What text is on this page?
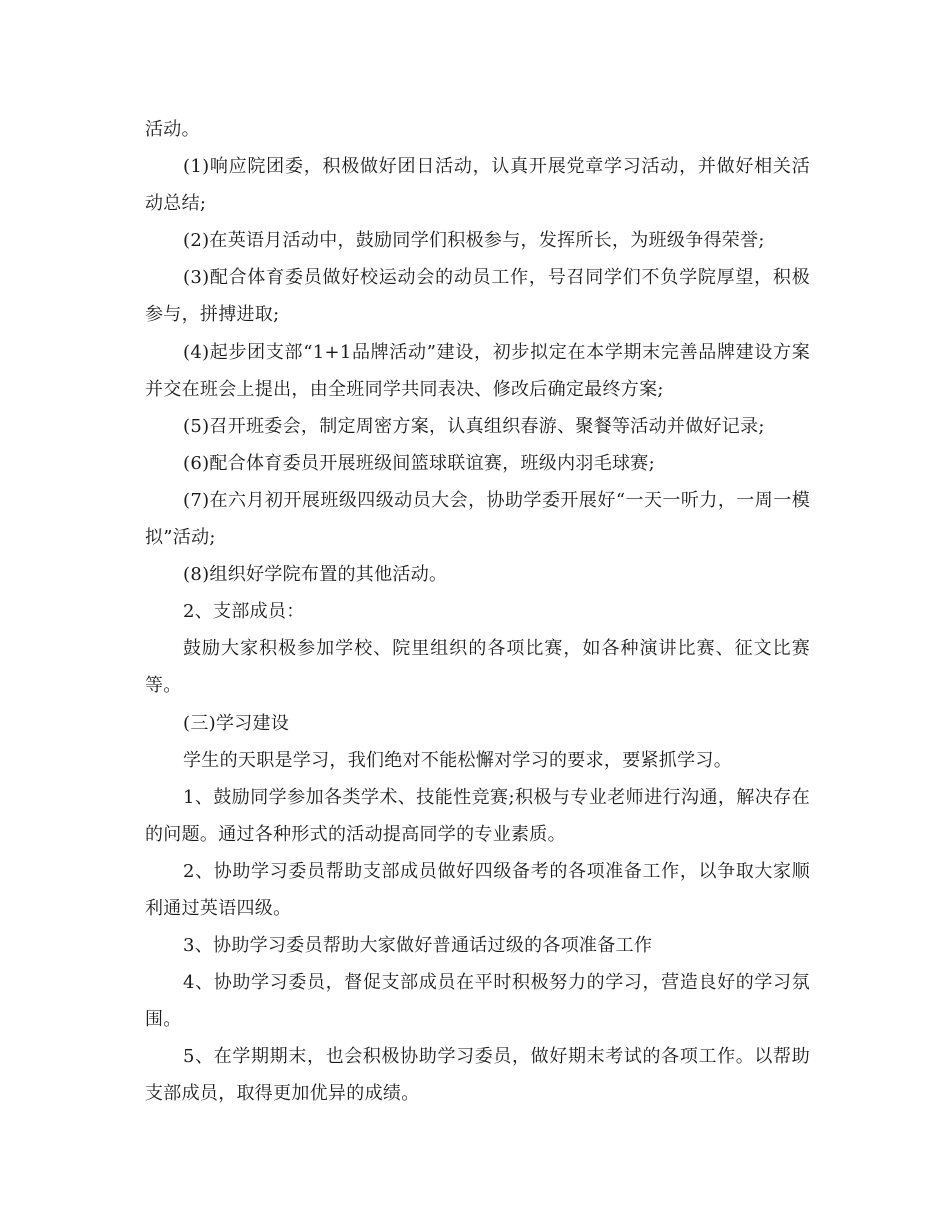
活动。

(1)响应院团委，积极做好团日活动，认真开展党章学习活动，并做好相关活动总结;

(2)在英语月活动中，鼓励同学们积极参与，发挥所长，为班级争得荣誉;

(3)配合体育委员做好校运动会的动员工作，号召同学们不负学院厚望，积极参与，拼搏进取;

(4)起步团支部“1+1品牌活动”建设，初步拟定在本学期末完善品牌建设方案并交在班会上提出，由全班同学共同表决、修改后确定最终方案;

(5)召开班委会，制定周密方案，认真组织春游、聚餐等活动并做好记录;

(6)配合体育委员开展班级间篮球联谊赛，班级内羽毛球赛;

(7)在六月初开展班级四级动员大会，协助学委开展好“一天一听力，一周一模拟”活动;

(8)组织好学院布置的其他活动。

2、支部成员：

鼓励大家积极参加学校、院里组织的各项比赛，如各种演讲比赛、征文比赛等。

(三)学习建设

学生的天职是学习，我们绝对不能松懈对学习的要求，要紧抓学习。

1、鼓励同学参加各类学术、技能性竞赛;积极与专业老师进行沟通，解决存在的问题。通过各种形式的活动提高同学的专业素质。

2、协助学习委员帮助支部成员做好四级备考的各项准备工作，以争取大家顺利通过英语四级。

3、协助学习委员帮助大家做好普通话过级的各项准备工作

4、协助学习委员，督促支部成员在平时积极努力的学习，营造良好的学习氛围。

5、在学期期末，也会积极协助学习委员，做好期末考试的各项工作。以帮助支部成员，取得更加优异的成绩。
